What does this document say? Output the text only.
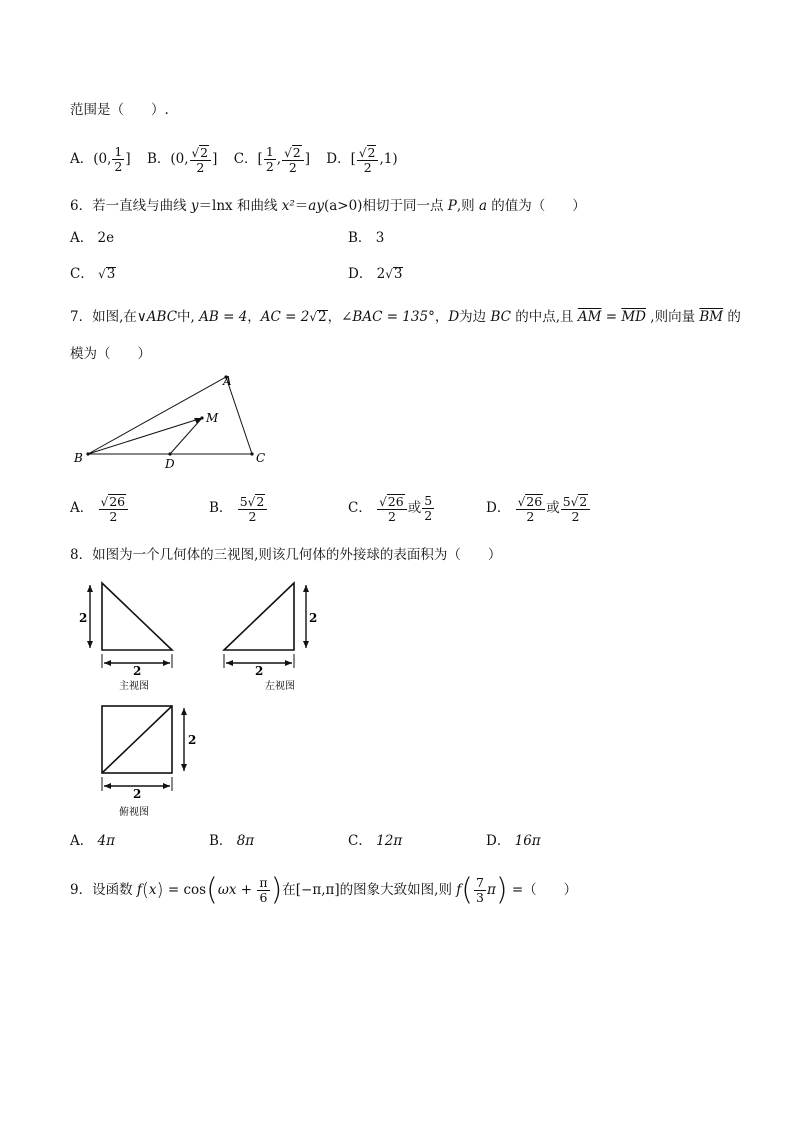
范围是（　　）.
A．(0, $\frac{1}{2}$ ] B．(0, $\frac{√2}{2}$ ] C．[ $\frac{1}{2}$ , $\frac{√2}{2}$ ] D．[ $\frac{√2}{2} ,1$)
6．若一直线与曲线 y＝lnx 和曲线 x²＝ay(a>0)相切于同一点 P,则 a 的值为（　　）
A． 2e	B． 3
C． √3	D． 2√3
7．如图,在∨ABC中, AB = 4，AC = 2√2，∠BAC = 135°，D为边 BC 的中点,且 $\overline{AM} = \overline{MD}$ ,则向量 $\overline{BM}$ 的
模为（　　）
A
B	C
D
M
A． $\frac{√26}{2}$	B． $\frac{5√2}{2}$	C． $\frac{√26}{2}$ 或 $\frac{5}{2}$	D． $\frac{√26}{2}$ 或 $\frac{5√2}{2}$
8．如图为一个几何体的三视图,则该几何体的外接球的表面积为（　　）
2
2
主视图
2
2
左视图
2
2
俯视图
A． 4π	B． 8π	C． 12π	D． 16π
9．设函数 $f(x) = \cos(\omega x + \frac{\pi}{6}$ )在[−π,π]的图象大致如图,则 $f( \frac{7}{3} \pi)$ =（　　）
